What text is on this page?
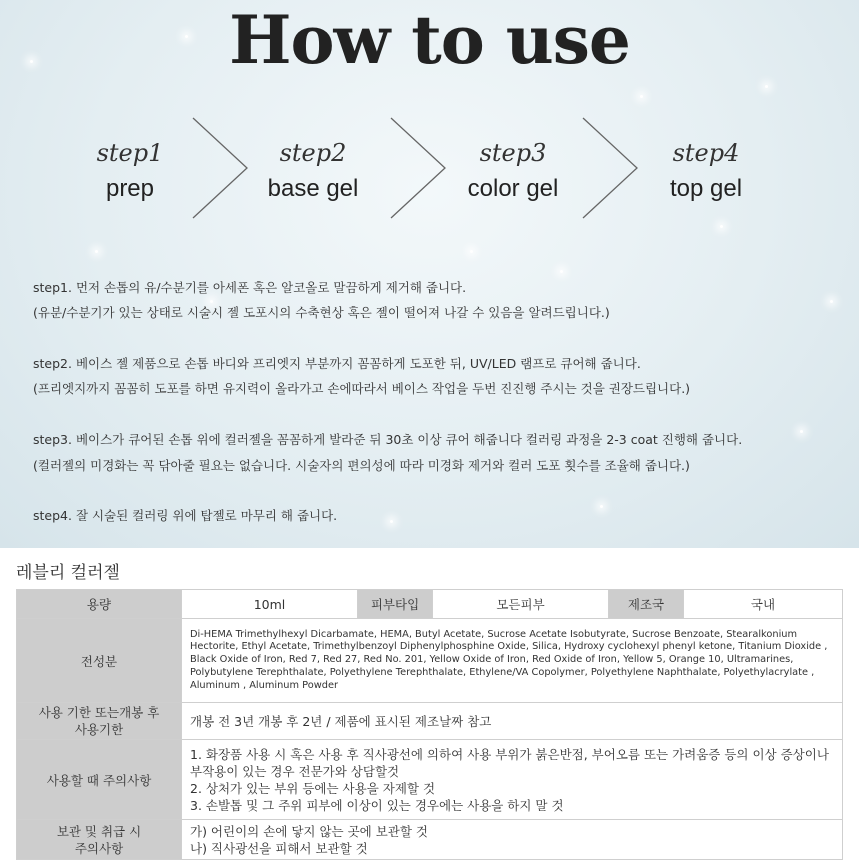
How to use
step1
prep
step2
base gel
step3
color gel
step4
top gel
step1. 먼저 손톱의 유/수분기를 아세폰 혹은 알코올로 말끔하게 제거해 줍니다.
(유분/수분기가 있는 상태로 시술시 젤 도포시의 수축현상 혹은 젤이 떨어져 나갈 수 있음을 알려드립니다.)
step2. 베이스 젤 제품으로 손톱 바디와 프리엣지 부분까지 꼼꼼하게 도포한 뒤, UV/LED 램프로 큐어해 줍니다.
(프리엣지까지 꼼꼼히 도포를 하면 유지력이 올라가고 손에따라서 베이스 작업을 두번 진진행 주시는 것을 권장드립니다.)
step3. 베이스가 큐어된 손톱 위에 컬러젤을 꼼꼼하게 발라준 뒤 30초 이상 큐어 해줍니다 컬러링 과정을 2-3 coat 진행해 줍니다.
(컬러젤의 미경화는 꼭 닦아줄 필요는 없습니다. 시술자의 편의성에 따라 미경화 제거와 컬러 도포 횟수를 조율해 줍니다.)
step4. 잘 시술된 컬러링 위에 탑젤로 마무리 해 줍니다.
레블리 컬러젤
용량	10ml	피부타입	모든피부	제조국	국내
전성분	Di-HEMA Trimethylhexyl Dicarbamate, HEMA, Butyl Acetate, Sucrose Acetate Isobutyrate, Sucrose Benzoate, Stearalkonium Hectorite, Ethyl Acetate, Trimethylbenzoyl Diphenylphosphine Oxide, Silica, Hydroxy cyclohexyl phenyl ketone, Titanium Dioxide , Black Oxide of Iron, Red 7, Red 27, Red No. 201, Yellow Oxide of Iron, Red Oxide of Iron, Yellow 5, Orange 10, Ultramarines, Polybutylene Terephthalate, Polyethylene Terephthalate, Ethylene/VA Copolymer, Polyethylene Naphthalate, Polyethylacrylate , Aluminum , Aluminum Powder				

사용 기한 또는개봉 후
사용기한	개봉 전 3년 개봉 후 2년 / 제품에 표시된 제조날짜 참고				
사용할 때 주의사항	1. 화장품 사용 시 혹은 사용 후 직사광선에 의하여 사용 부위가 붉은반점, 부어오름 또는 가려움증 등의 이상 증상이나
부작용이 있는 경우 전문가와 상담할것
2. 상처가 있는 부위 등에는 사용을 자제할 것
3. 손발톱 및 그 주위 피부에 이상이 있는 경우에는 사용을 하지 말 것				

보관 및 취급 시
주의사항	가) 어린이의 손에 닿지 않는 곳에 보관할 것
나) 직사광선을 피해서 보관할 것				
